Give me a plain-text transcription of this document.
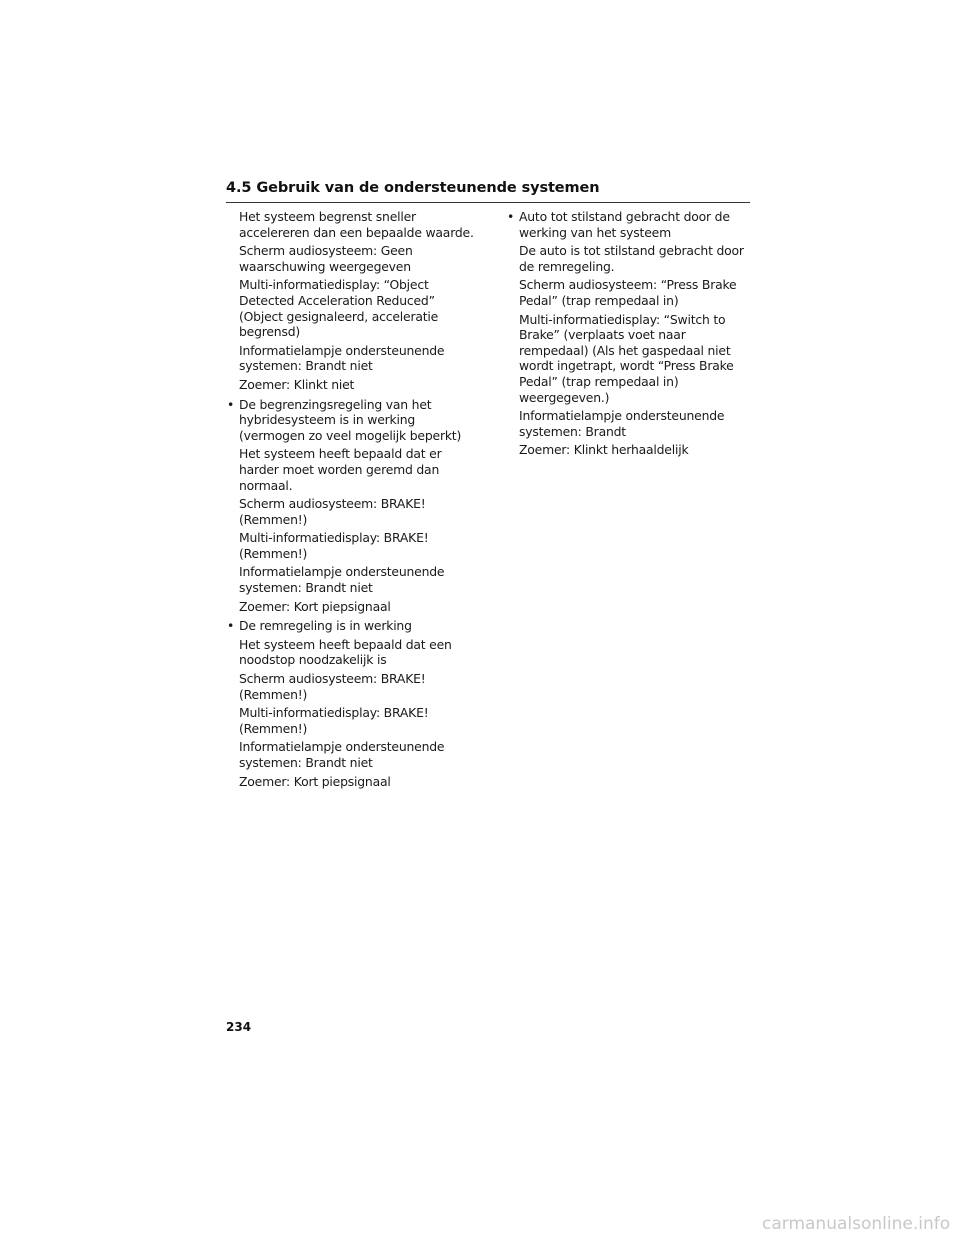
4.5 Gebruik van de ondersteunende systemen
Het systeem begrenst sneller
accelereren dan een bepaalde waarde.
Scherm audiosysteem: Geen
waarschuwing weergegeven
Multi-informatiedisplay: “Object
Detected Acceleration Reduced”
(Object gesignaleerd, acceleratie
begrensd)
Informatielampje ondersteunende
systemen: Brandt niet
Zoemer: Klinkt niet
• De begrenzingsregeling van het
hybridesysteem is in werking
(vermogen zo veel mogelijk beperkt)
Het systeem heeft bepaald dat er
harder moet worden geremd dan
normaal.
Scherm audiosysteem: BRAKE!
(Remmen!)
Multi-informatiedisplay: BRAKE!
(Remmen!)
Informatielampje ondersteunende
systemen: Brandt niet
Zoemer: Kort piepsignaal
• De remregeling is in werking
Het systeem heeft bepaald dat een
noodstop noodzakelijk is
Scherm audiosysteem: BRAKE!
(Remmen!)
Multi-informatiedisplay: BRAKE!
(Remmen!)
Informatielampje ondersteunende
systemen: Brandt niet
Zoemer: Kort piepsignaal
• Auto tot stilstand gebracht door de
werking van het systeem
De auto is tot stilstand gebracht door
de remregeling.
Scherm audiosysteem: “Press Brake
Pedal” (trap rempedaal in)
Multi-informatiedisplay: “Switch to
Brake” (verplaats voet naar
rempedaal) (Als het gaspedaal niet
wordt ingetrapt, wordt “Press Brake
Pedal” (trap rempedaal in)
weergegeven.)
Informatielampje ondersteunende
systemen: Brandt
Zoemer: Klinkt herhaaldelijk
234
carmanualsonline.info
